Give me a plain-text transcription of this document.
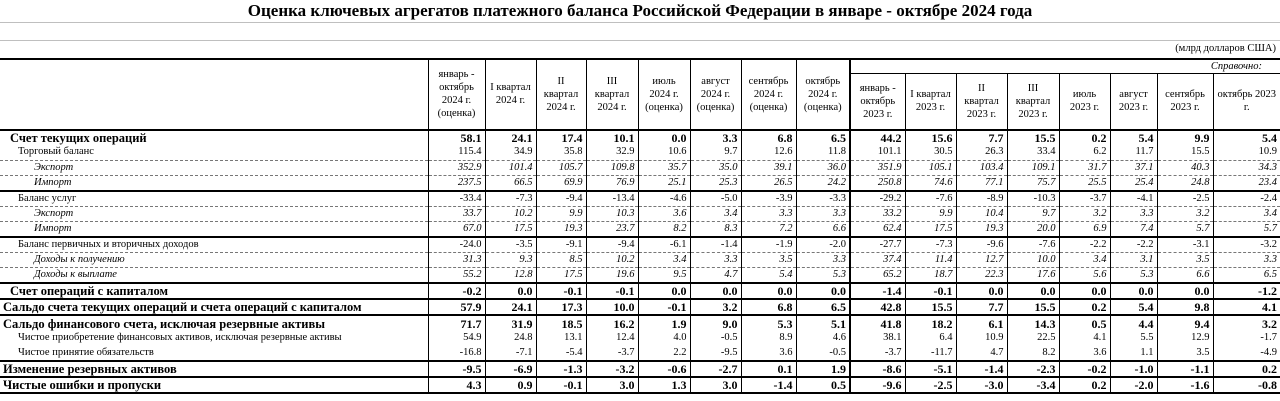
Оценка ключевых агрегатов платежного баланса Российской Федерации в январе - октябре 2024 года
(млрд долларов США)
	январь - октябрь 2024 г. (оценка)	I квартал 2024 г.	II квартал 2024 г.	III квартал 2024 г.	июль 2024 г. (оценка)	август 2024 г. (оценка)	сентябрь 2024 г. (оценка)	октябрь 2024 г. (оценка)	Справочно:							
									январь - октябрь 2023 г.	I квартал 2023 г.	II квартал 2023 г.	III квартал 2023 г.	июль 2023 г.	август 2023 г.	сентябрь 2023 г.	октябрь 2023 г.
Счет текущих операций	58.1	24.1	17.4	10.1	0.0	3.3	6.8	6.5	44.2	15.6	7.7	15.5	0.2	5.4	9.9	5.4
Торговый баланс	115.4	34.9	35.8	32.9	10.6	9.7	12.6	11.8	101.1	30.5	26.3	33.4	6.2	11.7	15.5	10.9
Экспорт	352.9	101.4	105.7	109.8	35.7	35.0	39.1	36.0	351.9	105.1	103.4	109.1	31.7	37.1	40.3	34.3
Импорт	237.5	66.5	69.9	76.9	25.1	25.3	26.5	24.2	250.8	74.6	77.1	75.7	25.5	25.4	24.8	23.4
Баланс услуг	-33.4	-7.3	-9.4	-13.4	-4.6	-5.0	-3.9	-3.3	-29.2	-7.6	-8.9	-10.3	-3.7	-4.1	-2.5	-2.4
Экспорт	33.7	10.2	9.9	10.3	3.6	3.4	3.3	3.3	33.2	9.9	10.4	9.7	3.2	3.3	3.2	3.4
Импорт	67.0	17.5	19.3	23.7	8.2	8.3	7.2	6.6	62.4	17.5	19.3	20.0	6.9	7.4	5.7	5.7
Баланс первичных и вторичных доходов	-24.0	-3.5	-9.1	-9.4	-6.1	-1.4	-1.9	-2.0	-27.7	-7.3	-9.6	-7.6	-2.2	-2.2	-3.1	-3.2
Доходы к получению	31.3	9.3	8.5	10.2	3.4	3.3	3.5	3.3	37.4	11.4	12.7	10.0	3.4	3.1	3.5	3.3
Доходы к выплате	55.2	12.8	17.5	19.6	9.5	4.7	5.4	5.3	65.2	18.7	22.3	17.6	5.6	5.3	6.6	6.5
Счет операций с капиталом	-0.2	0.0	-0.1	-0.1	0.0	0.0	0.0	0.0	-1.4	-0.1	0.0	0.0	0.0	0.0	0.0	-1.2
Сальдо счета текущих операций и счета операций с капиталом	57.9	24.1	17.3	10.0	-0.1	3.2	6.8	6.5	42.8	15.5	7.7	15.5	0.2	5.4	9.8	4.1
Сальдо финансового счета, исключая резервные активы	71.7	31.9	18.5	16.2	1.9	9.0	5.3	5.1	41.8	18.2	6.1	14.3	0.5	4.4	9.4	3.2
Чистое приобретение финансовых активов, исключая резервные активы	54.9	24.8	13.1	12.4	4.0	-0.5	8.9	4.6	38.1	6.4	10.9	22.5	4.1	5.5	12.9	-1.7
Чистое принятие обязательств	-16.8	-7.1	-5.4	-3.7	2.2	-9.5	3.6	-0.5	-3.7	-11.7	4.7	8.2	3.6	1.1	3.5	-4.9
Изменение резервных активов	-9.5	-6.9	-1.3	-3.2	-0.6	-2.7	0.1	1.9	-8.6	-5.1	-1.4	-2.3	-0.2	-1.0	-1.1	0.2
Чистые ошибки и пропуски	4.3	0.9	-0.1	3.0	1.3	3.0	-1.4	0.5	-9.6	-2.5	-3.0	-3.4	0.2	-2.0	-1.6	-0.8
